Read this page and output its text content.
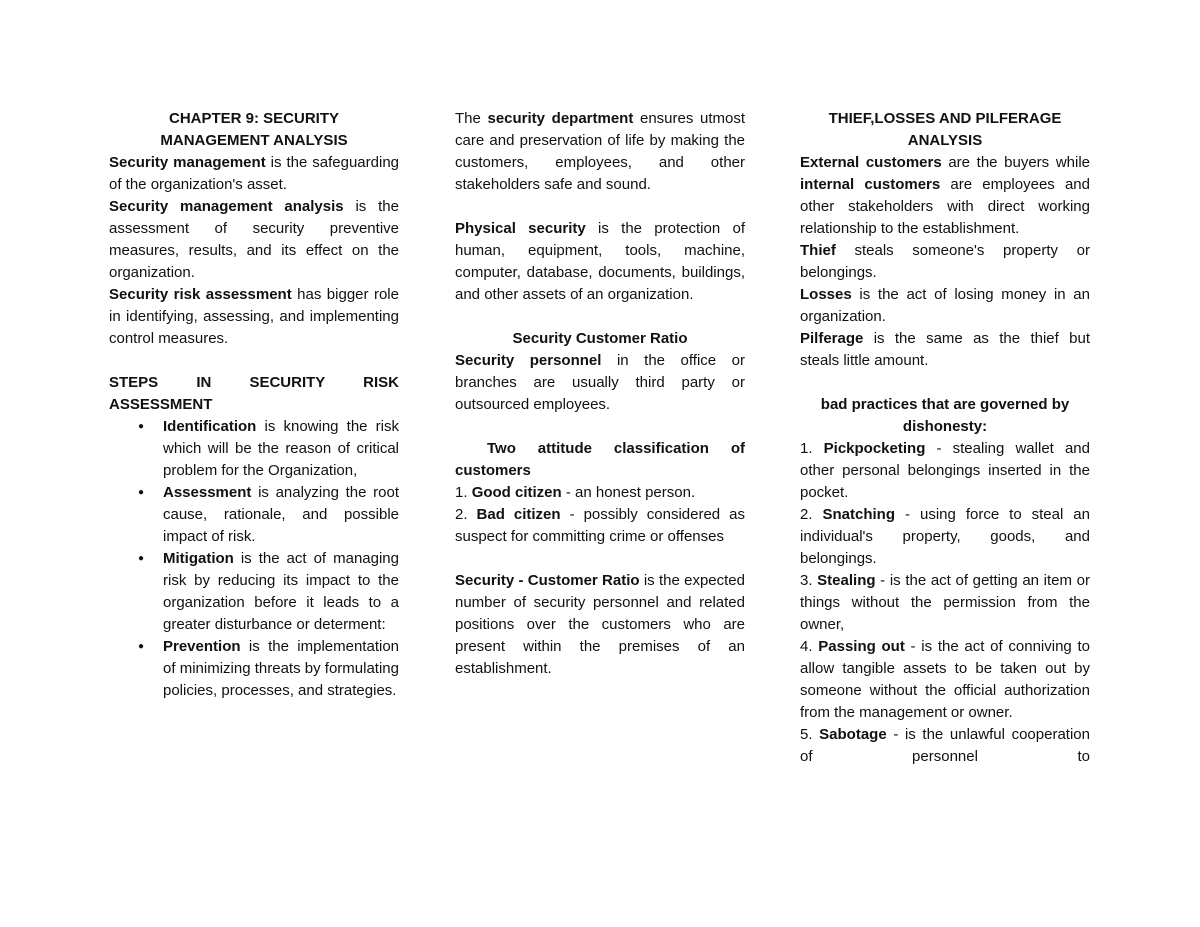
CHAPTER 9: SECURITY
MANAGEMENT ANALYSIS

Security management is the safeguarding of the organization's asset.

Security management analysis is the assessment of security preventive measures, results, and its effect on the organization.

Security risk assessment has bigger role in identifying, assessing, and implementing control measures.

STEPS IN SECURITY RISK ASSESSMENT

● Identification is knowing the risk which will be the reason of critical problem for the Organization,
● Assessment is analyzing the root cause, rationale, and possible impact of risk.
● Mitigation is the act of managing risk by reducing its impact to the organization before it leads to a greater disturbance or determent:
● Prevention is the implementation of minimizing threats by formulating policies, processes, and strategies.

The security department ensures utmost care and preservation of life by making the customers, employees, and other stakeholders safe and sound.

Physical security is the protection of human, equipment, tools, machine, computer, database, documents, buildings, and other assets of an organization.

Security Customer Ratio

Security personnel in the office or branches are usually third party or outsourced employees.

Two attitude classification of customers

1. Good citizen - an honest person.

2. Bad citizen - possibly considered as suspect for committing crime or offenses

Security - Customer Ratio is the expected number of security personnel and related positions over the customers who are present within the premises of an establishment.

THIEF,LOSSES AND PILFERAGE
ANALYSIS

External customers are the buyers while internal customers are employees and other stakeholders with direct working relationship to the establishment.

Thief steals someone's property or belongings.

Losses is the act of losing money in an organization.

Pilferage is the same as the thief but steals little amount.

bad practices that are governed by dishonesty:

1. Pickpocketing - stealing wallet and other personal belongings inserted in the pocket.

2. Snatching - using force to steal an individual's property, goods, and belongings.

3. Stealing - is the act of getting an item or things without the permission from the owner,

4. Passing out - is the act of conniving to allow tangible assets to be taken out by someone without the official authorization from the management or owner.

5. Sabotage - is the unlawful cooperation of personnel to
